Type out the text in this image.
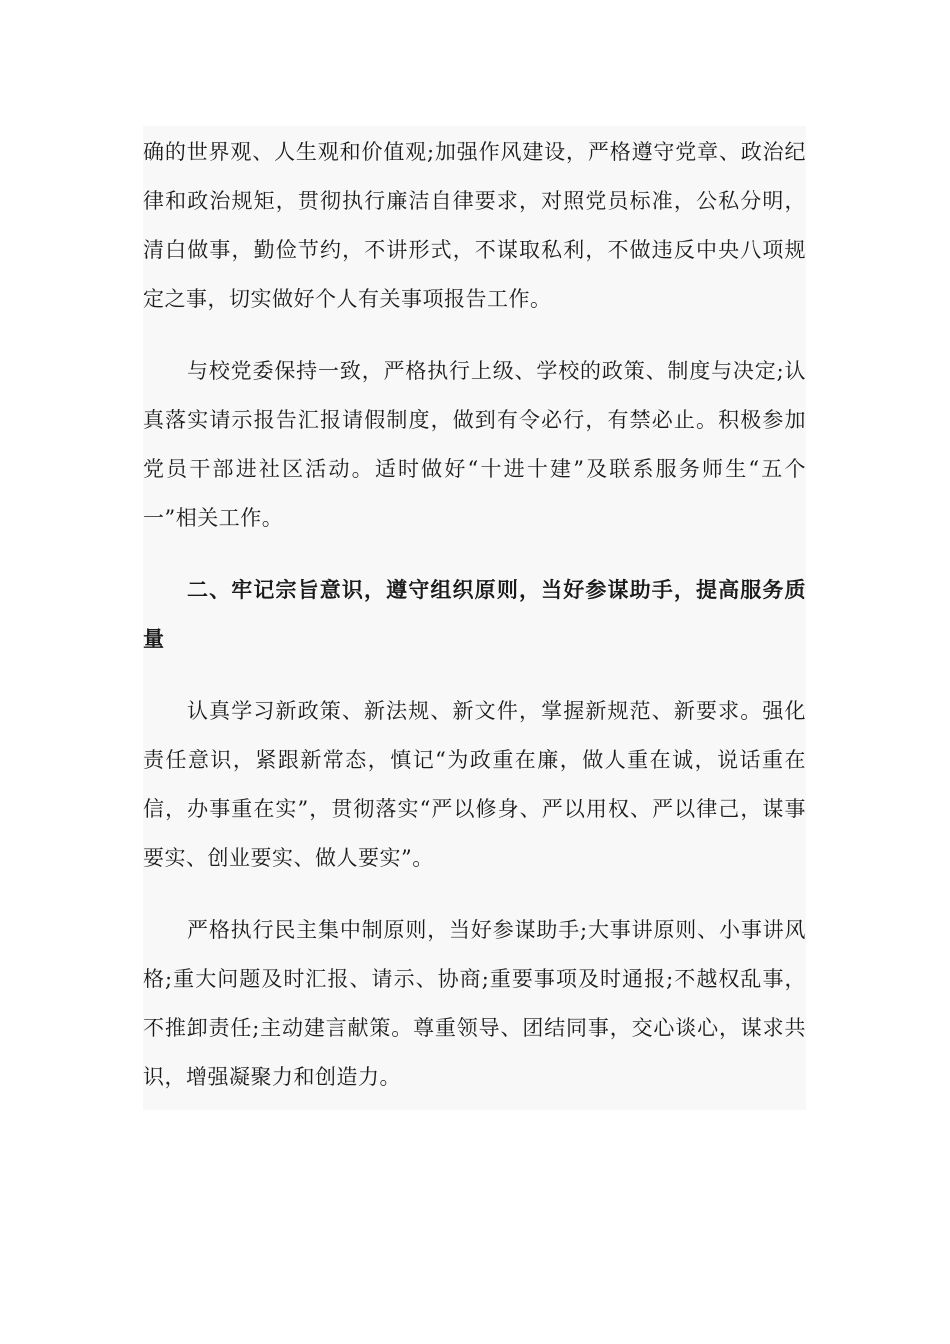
确的世界观、人生观和价值观;加强作风建设，严格遵守党章、政治纪律和政治规矩，贯彻执行廉洁自律要求，对照党员标准，公私分明，清白做事，勤俭节约，不讲形式，不谋取私利，不做违反中央八项规定之事，切实做好个人有关事项报告工作。

与校党委保持一致，严格执行上级、学校的政策、制度与决定;认真落实请示报告汇报请假制度，做到有令必行，有禁必止。积极参加党员干部进社区活动。适时做好“十进十建”及联系服务师生“五个一”相关工作。

二、牢记宗旨意识，遵守组织原则，当好参谋助手，提高服务质量

认真学习新政策、新法规、新文件，掌握新规范、新要求。强化责任意识，紧跟新常态，慎记“为政重在廉，做人重在诚，说话重在信，办事重在实”，贯彻落实“严以修身、严以用权、严以律己，谋事要实、创业要实、做人要实”。

严格执行民主集中制原则，当好参谋助手;大事讲原则、小事讲风格;重大问题及时汇报、请示、协商;重要事项及时通报;不越权乱事，不推卸责任;主动建言献策。尊重领导、团结同事，交心谈心，谋求共识，增强凝聚力和创造力。
